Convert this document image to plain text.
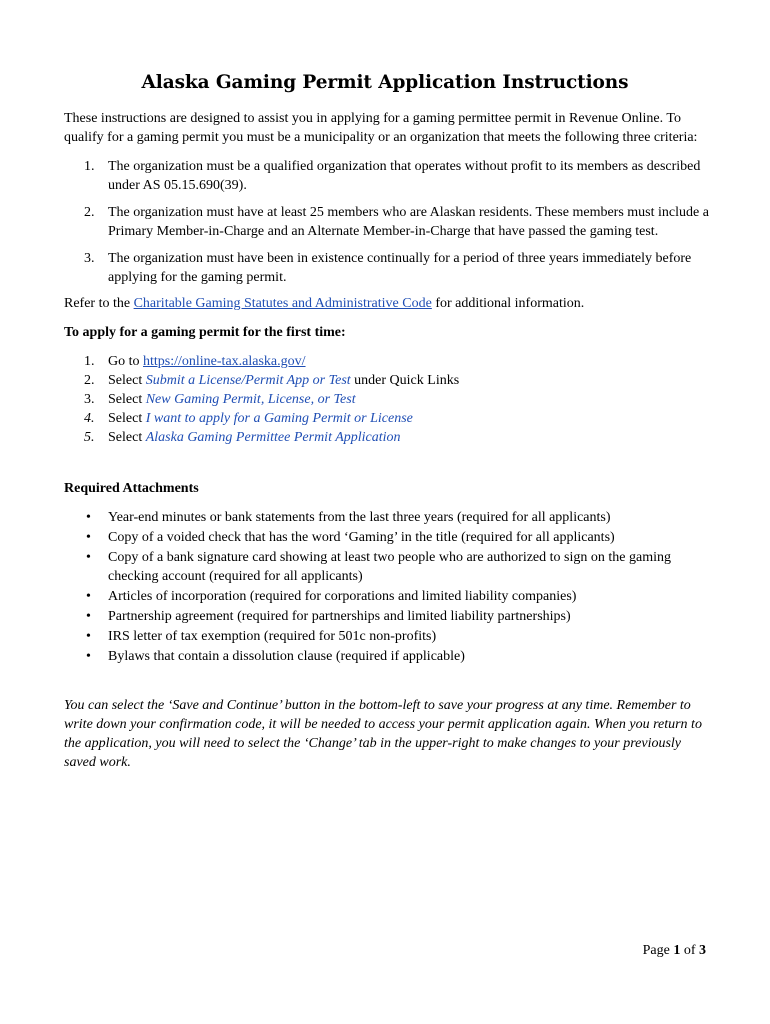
Alaska Gaming Permit Application Instructions
These instructions are designed to assist you in applying for a gaming permittee permit in Revenue Online. To qualify for a gaming permit you must be a municipality or an organization that meets the following three criteria:
1. The organization must be a qualified organization that operates without profit to its members as described under AS 05.15.690(39).
2. The organization must have at least 25 members who are Alaskan residents. These members must include a Primary Member-in-Charge and an Alternate Member-in-Charge that have passed the gaming test.
3. The organization must have been in existence continually for a period of three years immediately before applying for the gaming permit.
Refer to the Charitable Gaming Statutes and Administrative Code for additional information.
To apply for a gaming permit for the first time:
1. Go to https://online-tax.alaska.gov/
2. Select Submit a License/Permit App or Test under Quick Links
3. Select New Gaming Permit, License, or Test
4. Select I want to apply for a Gaming Permit or License
5. Select Alaska Gaming Permittee Permit Application
Required Attachments
• Year-end minutes or bank statements from the last three years (required for all applicants)
• Copy of a voided check that has the word ‘Gaming’ in the title (required for all applicants)
• Copy of a bank signature card showing at least two people who are authorized to sign on the gaming checking account (required for all applicants)
• Articles of incorporation (required for corporations and limited liability companies)
• Partnership agreement (required for partnerships and limited liability partnerships)
• IRS letter of tax exemption (required for 501c non-profits)
• Bylaws that contain a dissolution clause (required if applicable)
You can select the ‘Save and Continue’ button in the bottom-left to save your progress at any time. Remember to write down your confirmation code, it will be needed to access your permit application again. When you return to the application, you will need to select the ‘Change’ tab in the upper-right to make changes to your previously saved work.
Page 1 of 3
